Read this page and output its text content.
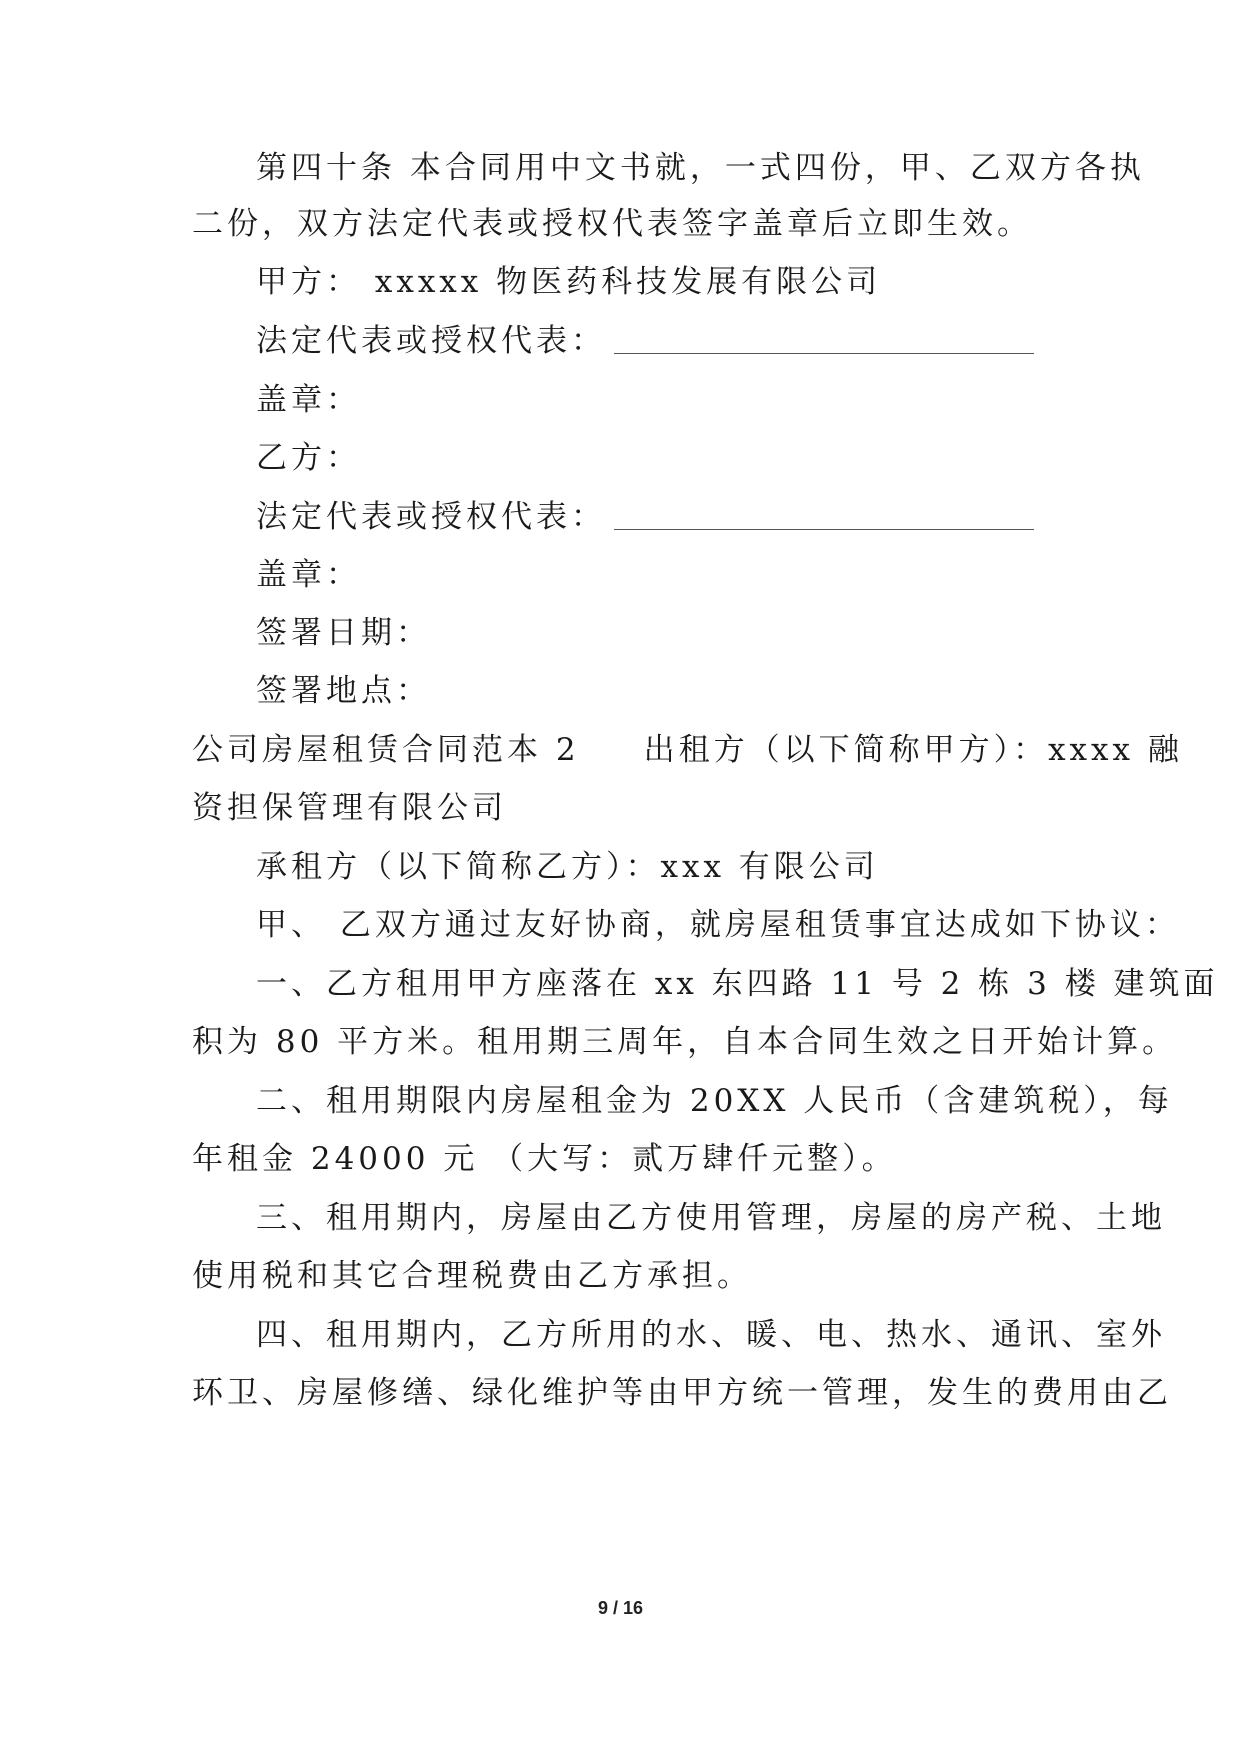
第四十条 本合同用中文书就，一式四份，甲、乙双方各执
二份，双方法定代表或授权代表签字盖章后立即生效。
甲方： xxxxx 物医药科技发展有限公司
法定代表或授权代表：
盖章：
乙方：
法定代表或授权代表：
盖章：
签署日期：
签署地点：
公司房屋租赁合同范本 2 出租方（以下简称甲方）：xxxx 融
资担保管理有限公司
承租方（以下简称乙方）：xxx 有限公司
甲、 乙双方通过友好协商，就房屋租赁事宜达成如下协议：
一、乙方租用甲方座落在 xx 东四路 11 号 2 栋 3 楼 建筑面
积为 80 平方米。租用期三周年，自本合同生效之日开始计算。
二、租用期限内房屋租金为 20XX 人民币（含建筑税），每
年租金 24000 元 （大写：贰万肆仟元整）。
三、租用期内，房屋由乙方使用管理，房屋的房产税、土地
使用税和其它合理税费由乙方承担。
四、租用期内，乙方所用的水、暖、电、热水、通讯、室外
环卫、房屋修缮、绿化维护等由甲方统一管理，发生的费用由乙
9 / 16
